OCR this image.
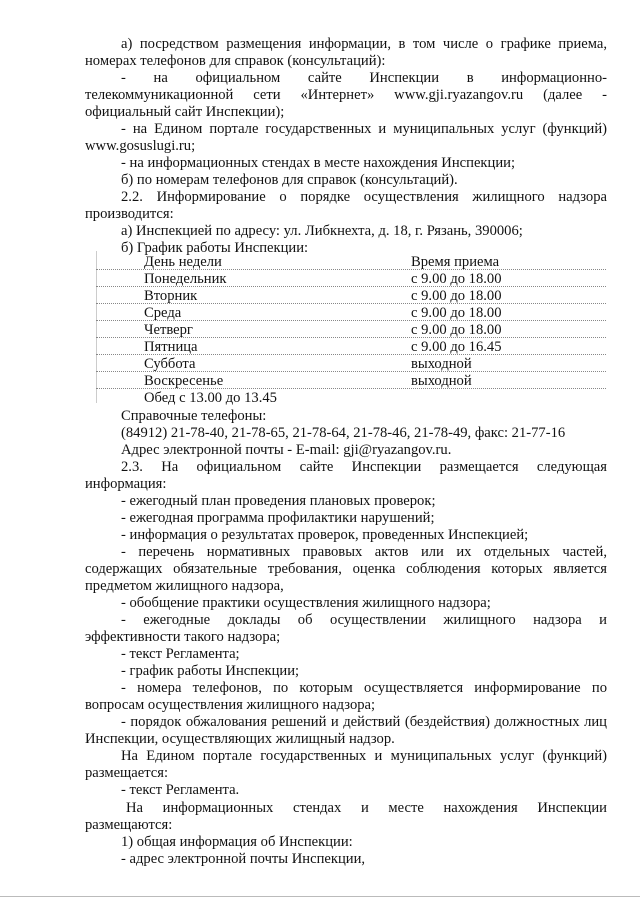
а) посредством размещения информации, в том числе о графике приема,
номерах телефонов для справок (консультаций):
- на официальном сайте Инспекции в информационно-
телекоммуникационной сети «Интернет» www.gji.ryazangov.ru (далее -
официальный сайт Инспекции);
- на Едином портале государственных и муниципальных услуг (функций)
www.gosuslugi.ru;
- на информационных стендах в месте нахождения Инспекции;
б) по номерам телефонов для справок (консультаций).
2.2. Информирование о порядке осуществления жилищного надзора
производится:
а) Инспекцией по адресу: ул. Либкнехта, д. 18, г. Рязань, 390006;
б) График работы Инспекции:
День недели	Время приема
Понедельник	с 9.00 до 18.00
Вторник	с 9.00 до 18.00
Среда	с 9.00 до 18.00
Четверг	с 9.00 до 18.00
Пятница	с 9.00 до 16.45
Суббота	выходной
Воскресенье	выходной
Обед с 13.00 до 13.45
Справочные телефоны:
(84912) 21-78-40, 21-78-65, 21-78-64, 21-78-46, 21-78-49, факс: 21-77-16
Адрес электронной почты - E-mail: gji@ryazangov.ru.
2.3. На официальном сайте Инспекции размещается следующая
информация:
- ежегодный план проведения плановых проверок;
- ежегодная программа профилактики нарушений;
- информация о результатах проверок, проведенных Инспекцией;
- перечень нормативных правовых актов или их отдельных частей,
содержащих обязательные требования, оценка соблюдения которых является
предметом жилищного надзора,
- обобщение практики осуществления жилищного надзора;
- ежегодные доклады об осуществлении жилищного надзора и
эффективности такого надзора;
- текст Регламента;
- график работы Инспекции;
- номера телефонов, по которым осуществляется информирование по
вопросам осуществления жилищного надзора;
- порядок обжалования решений и действий (бездействия) должностных лиц
Инспекции, осуществляющих жилищный надзор.
На Едином портале государственных и муниципальных услуг (функций)
размещается:
- текст Регламента.
На информационных стендах и месте нахождения Инспекции
размещаются:
1) общая информация об Инспекции:
- адрес электронной почты Инспекции,
